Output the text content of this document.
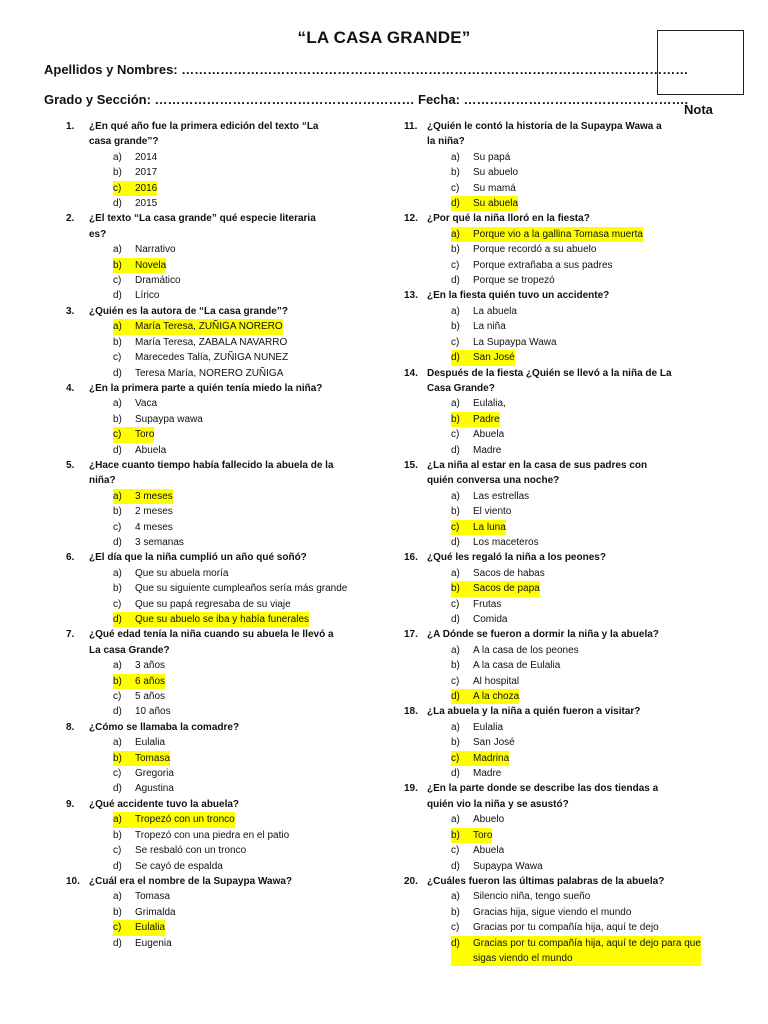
“LA CASA GRANDE”
Apellidos y Nombres: ………………………………………………………………………………………………………
Grado y Sección: …………………………………………………… Fecha: …………………………………………….
Nota
1.	¿En qué año fue la primera edición del texto “La casa grande”?
a)	2014
b)	2017
c)	2016
d)	2015
2.	¿El texto “La casa grande” qué especie literaria es?
a)	Narrativo
b)	Novela
c)	Dramático
d)	Lírico
3.	¿Quién es la autora de “La casa grande”?
a)	María Teresa, ZUÑIGA NORERO
b)	María Teresa, ZABALA NAVARRO
c)	Marecedes Talía, ZUÑIGA NUNEZ
d)	Teresa María, NORERO ZUÑIGA
4.	¿En la primera parte a quién tenía miedo la niña?
a)	Vaca
b)	Supaypa wawa
c)	Toro
d)	Abuela
5.	¿Hace cuanto tiempo había fallecido la abuela de la niña?
a)	3 meses
b)	2 meses
c)	4 meses
d)	3 semanas
6.	¿El día que la niña cumplió un año qué soñó?
a)	Que su abuela moría
b)	Que su siguiente cumpleaños sería más grande
c)	Que su papá regresaba de su viaje
d)	Que su abuelo se iba y había funerales
7.	¿Qué edad tenía la niña cuando su abuela le llevó a La casa Grande?
a)	3 años
b)	6 años
c)	5 años
d)	10 años
8.	¿Cómo se llamaba la comadre?
a)	Eulalia
b)	Tomasa
c)	Gregoria
d)	Agustina
9.	¿Qué accidente tuvo la abuela?
a)	Tropezó con un tronco
b)	Tropezó con una piedra en el patio
c)	Se resbaló con un tronco
d)	Se cayó de espalda
10. ¿Cuál era el nombre de la Supaypa Wawa?
a)	Tomasa
b)	Grimalda
c)	Eulalia
d)	Eugenia
11. ¿Quién le contó la historia de la Supaypa Wawa a la niña?
a)	Su papá
b)	Su abuelo
c)	Su mamá
d)	Su abuela
12. ¿Por qué la niña lloró en la fiesta?
a)	Porque vio a la gallina Tomasa muerta
b)	Porque recordó a su abuelo
c)	Porque extrañaba a sus padres
d)	Porque se tropezó
13. ¿En la fiesta quién tuvo un accidente?
a)	La abuela
b)	La niña
c)	La Supaypa Wawa
d)	San José
14. Después de la fiesta ¿Quién se llevó a la niña de La Casa Grande?
a)	Eulalia,
b)	Padre
c)	Abuela
d)	Madre
15. ¿La niña al estar en la casa de sus padres con quién conversa una noche?
a)	Las estrellas
b)	El viento
c)	La luna
d)	Los maceteros
16. ¿Qué les regaló la niña a los peones?
a)	Sacos de habas
b)	Sacos de papa
c)	Frutas
d)	Comida
17. ¿A Dónde se fueron a dormir la niña y la abuela?
a)	A la casa de los peones
b)	A la casa de Eulalia
c)	Al hospital
d)	A la choza
18. ¿La abuela y la niña a quién fueron a visitar?
a)	Eulalia
b)	San José
c)	Madrina
d)	Madre
19. ¿En la parte donde se describe las dos tiendas a quién vio la niña y se asustó?
a)	Abuelo
b)	Toro
c)	Abuela
d)	Supaypa Wawa
20. ¿Cuáles fueron las últimas palabras de la abuela?
a)	Silencio niña, tengo sueño
b)	Gracias hija, sigue viendo el mundo
c)	Gracias por tu compañía hija, aquí te dejo
d)	Gracias por tu compañía hija, aquí te dejo para que sigas viendo el mundo
